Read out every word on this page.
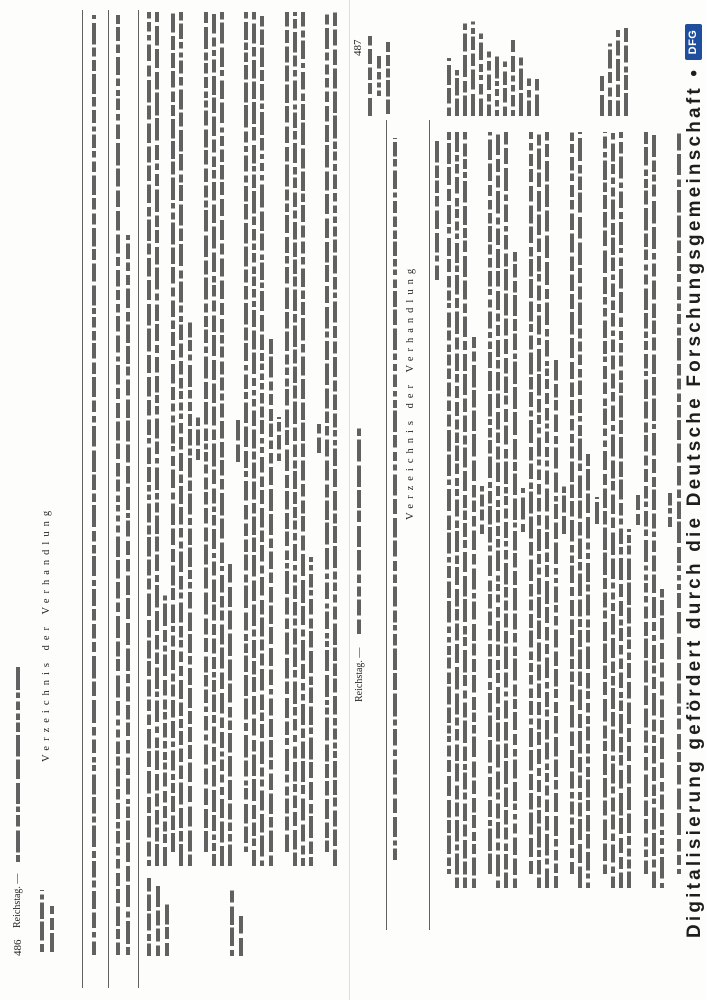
486
Reichstag. —
Verzeichnis der Verhandlung	Reichstag. —
487
Verzeichnis der Verhandlung
Digitalisierung gefördert durch die Deutsche Forschungsgemeinschaft •
DFG
